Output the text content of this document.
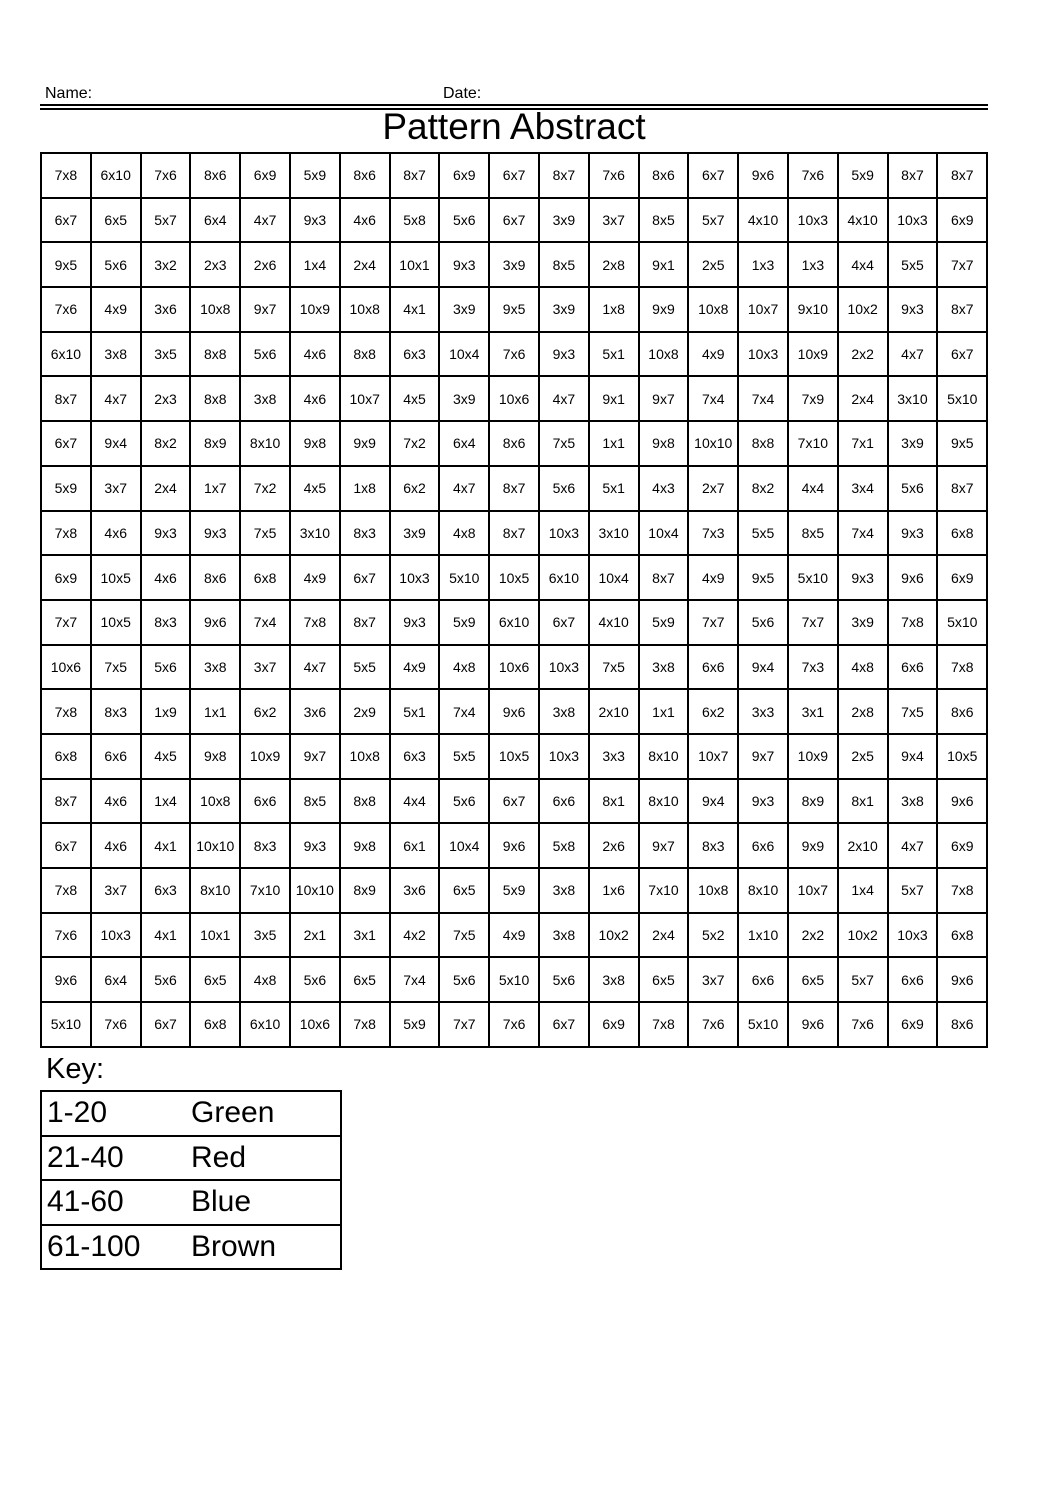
Name:	Date:
Pattern Abstract
7x8	6x10	7x6	8x6	6x9	5x9	8x6	8x7	6x9	6x7	8x7	7x6	8x6	6x7	9x6	7x6	5x9	8x7	8x7
6x7	6x5	5x7	6x4	4x7	9x3	4x6	5x8	5x6	6x7	3x9	3x7	8x5	5x7	4x10	10x3	4x10	10x3	6x9
9x5	5x6	3x2	2x3	2x6	1x4	2x4	10x1	9x3	3x9	8x5	2x8	9x1	2x5	1x3	1x3	4x4	5x5	7x7
7x6	4x9	3x6	10x8	9x7	10x9	10x8	4x1	3x9	9x5	3x9	1x8	9x9	10x8	10x7	9x10	10x2	9x3	8x7
6x10	3x8	3x5	8x8	5x6	4x6	8x8	6x3	10x4	7x6	9x3	5x1	10x8	4x9	10x3	10x9	2x2	4x7	6x7
8x7	4x7	2x3	8x8	3x8	4x6	10x7	4x5	3x9	10x6	4x7	9x1	9x7	7x4	7x4	7x9	2x4	3x10	5x10
6x7	9x4	8x2	8x9	8x10	9x8	9x9	7x2	6x4	8x6	7x5	1x1	9x8	10x10	8x8	7x10	7x1	3x9	9x5
5x9	3x7	2x4	1x7	7x2	4x5	1x8	6x2	4x7	8x7	5x6	5x1	4x3	2x7	8x2	4x4	3x4	5x6	8x7
7x8	4x6	9x3	9x3	7x5	3x10	8x3	3x9	4x8	8x7	10x3	3x10	10x4	7x3	5x5	8x5	7x4	9x3	6x8
6x9	10x5	4x6	8x6	6x8	4x9	6x7	10x3	5x10	10x5	6x10	10x4	8x7	4x9	9x5	5x10	9x3	9x6	6x9
7x7	10x5	8x3	9x6	7x4	7x8	8x7	9x3	5x9	6x10	6x7	4x10	5x9	7x7	5x6	7x7	3x9	7x8	5x10
10x6	7x5	5x6	3x8	3x7	4x7	5x5	4x9	4x8	10x6	10x3	7x5	3x8	6x6	9x4	7x3	4x8	6x6	7x8
7x8	8x3	1x9	1x1	6x2	3x6	2x9	5x1	7x4	9x6	3x8	2x10	1x1	6x2	3x3	3x1	2x8	7x5	8x6
6x8	6x6	4x5	9x8	10x9	9x7	10x8	6x3	5x5	10x5	10x3	3x3	8x10	10x7	9x7	10x9	2x5	9x4	10x5
8x7	4x6	1x4	10x8	6x6	8x5	8x8	4x4	5x6	6x7	6x6	8x1	8x10	9x4	9x3	8x9	8x1	3x8	9x6
6x7	4x6	4x1	10x10	8x3	9x3	9x8	6x1	10x4	9x6	5x8	2x6	9x7	8x3	6x6	9x9	2x10	4x7	6x9
7x8	3x7	6x3	8x10	7x10	10x10	8x9	3x6	6x5	5x9	3x8	1x6	7x10	10x8	8x10	10x7	1x4	5x7	7x8
7x6	10x3	4x1	10x1	3x5	2x1	3x1	4x2	7x5	4x9	3x8	10x2	2x4	5x2	1x10	2x2	10x2	10x3	6x8
9x6	6x4	5x6	6x5	4x8	5x6	6x5	7x4	5x6	5x10	5x6	3x8	6x5	3x7	6x6	6x5	5x7	6x6	9x6
5x10	7x6	6x7	6x8	6x10	10x6	7x8	5x9	7x7	7x6	6x7	6x9	7x8	7x6	5x10	9x6	7x6	6x9	8x6
Key:
1-20	Green
21-40	Red
41-60	Blue
61-100	Brown
